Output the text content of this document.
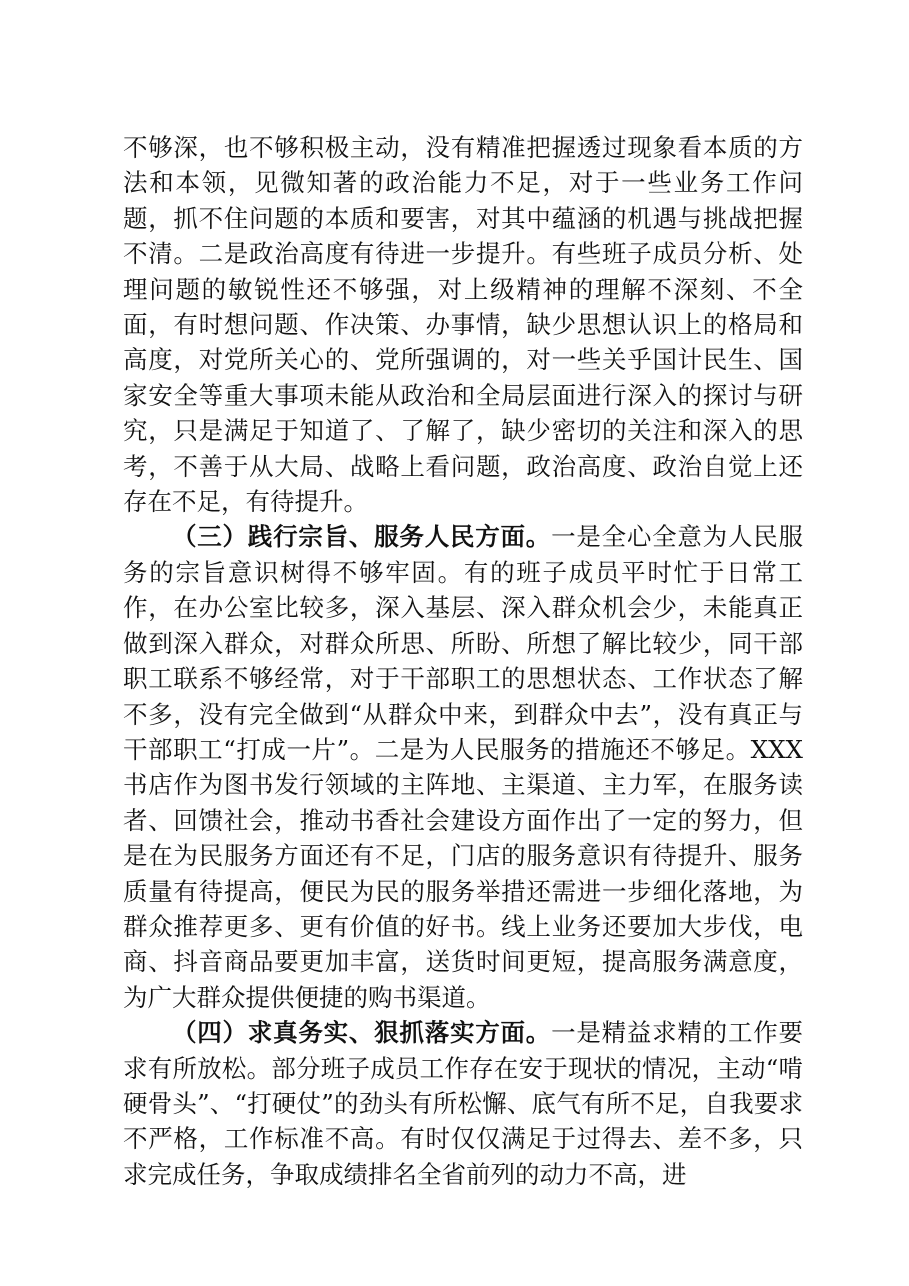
不够深，也不够积极主动，没有精准把握透过现象看本质的方法和本领，见微知著的政治能力不足，对于一些业务工作问题，抓不住问题的本质和要害，对其中蕴涵的机遇与挑战把握不清。二是政治高度有待进一步提升。有些班子成员分析、处理问题的敏锐性还不够强，对上级精神的理解不深刻、不全面，有时想问题、作决策、办事情，缺少思想认识上的格局和高度，对党所关心的、党所强调的，对一些关乎国计民生、国家安全等重大事项未能从政治和全局层面进行深入的探讨与研究，只是满足于知道了、了解了，缺少密切的关注和深入的思考，不善于从大局、战略上看问题，政治高度、政治自觉上还存在不足，有待提升。

（三）践行宗旨、服务人民方面。一是全心全意为人民服务的宗旨意识树得不够牢固。有的班子成员平时忙于日常工作，在办公室比较多，深入基层、深入群众机会少，未能真正做到深入群众，对群众所思、所盼、所想了解比较少，同干部职工联系不够经常，对于干部职工的思想状态、工作状态了解不多，没有完全做到“从群众中来，到群众中去”，没有真正与干部职工“打成一片”。二是为人民服务的措施还不够足。XXX书店作为图书发行领域的主阵地、主渠道、主力军，在服务读者、回馈社会，推动书香社会建设方面作出了一定的努力，但是在为民服务方面还有不足，门店的服务意识有待提升、服务质量有待提高，便民为民的服务举措还需进一步细化落地，为群众推荐更多、更有价值的好书。线上业务还要加大步伐，电商、抖音商品要更加丰富，送货时间更短，提高服务满意度，为广大群众提供便捷的购书渠道。

（四）求真务实、狠抓落实方面。一是精益求精的工作要求有所放松。部分班子成员工作存在安于现状的情况，主动“啃硬骨头”、“打硬仗”的劲头有所松懈、底气有所不足，自我要求不严格，工作标准不高。有时仅仅满足于过得去、差不多，只求完成任务，争取成绩排名全省前列的动力不高，进
